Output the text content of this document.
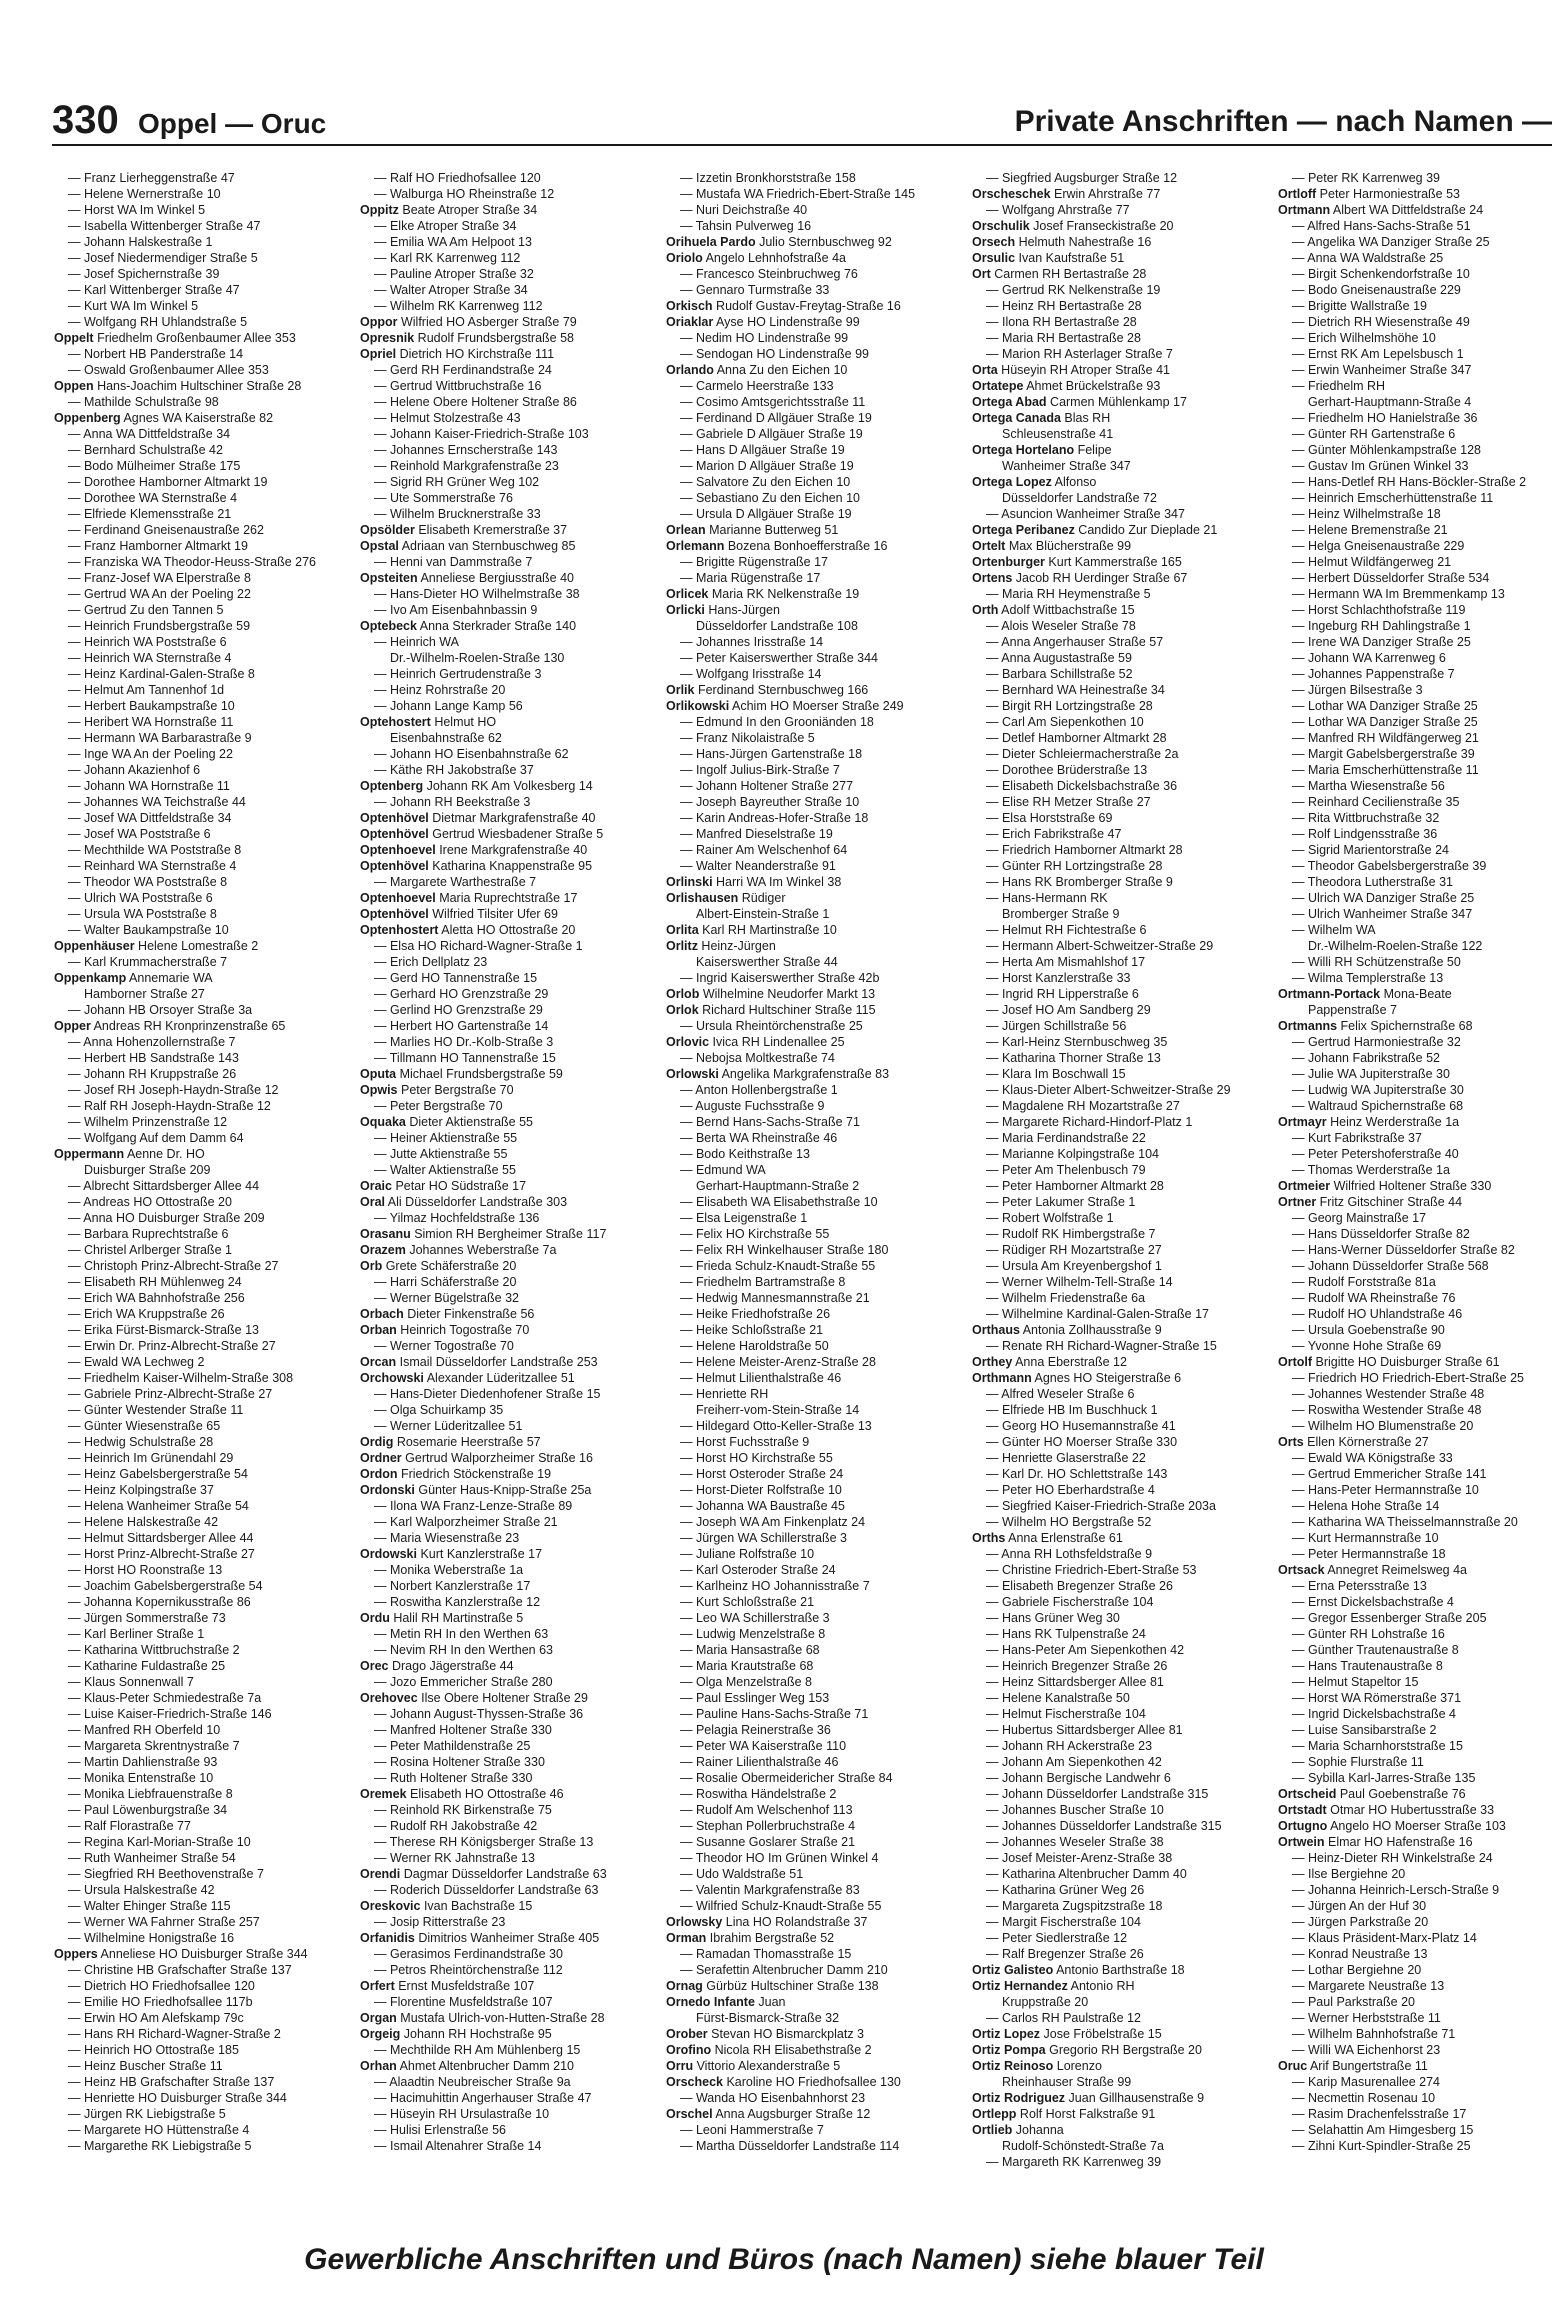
330 Oppel — Oruc	Private Anschriften — nach Namen —
— Franz Lierheggenstraße 47
— Helene Wernerstraße 10
— Horst WA Im Winkel 5
— Isabella Wittenberger Straße 47
— Johann Halskestraße 1
— Josef Niedermendiger Straße 5
— Josef Spichernstraße 39
— Karl Wittenberger Straße 47
— Kurt WA Im Winkel 5
— Wolfgang RH Uhlandstraße 5
Oppelt Friedhelm Großenbaumer Allee 353
— Norbert HB Panderstraße 14
— Oswald Großenbaumer Allee 353
Oppen Hans-Joachim Hultschiner Straße 28
— Mathilde Schulstraße 98
Oppenberg Agnes WA Kaiserstraße 82
— Anna WA Dittfeldstraße 34
— Bernhard Schulstraße 42
— Bodo Mülheimer Straße 175
— Dorothee Hamborner Altmarkt 19
— Dorothee WA Sternstraße 4
— Elfriede Klemensstraße 21
— Ferdinand Gneisenaustraße 262
— Franz Hamborner Altmarkt 19
— Franziska WA Theodor-Heuss-Straße 276
— Franz-Josef WA Elperstraße 8
— Gertrud WA An der Poeling 22
— Gertrud Zu den Tannen 5
— Heinrich Frundsbergstraße 59
— Heinrich WA Poststraße 6
— Heinrich WA Sternstraße 4
— Heinz Kardinal-Galen-Straße 8
— Helmut Am Tannenhof 1d
— Herbert Baukampstraße 10
— Heribert WA Hornstraße 11
— Hermann WA Barbarastraße 9
— Inge WA An der Poeling 22
— Johann Akazienhof 6
— Johann WA Hornstraße 11
— Johannes WA Teichstraße 44
— Josef WA Dittfeldstraße 34
— Josef WA Poststraße 6
— Mechthilde WA Poststraße 8
— Reinhard WA Sternstraße 4
— Theodor WA Poststraße 8
— Ulrich WA Poststraße 6
— Ursula WA Poststraße 8
— Walter Baukampstraße 10
Oppenhäuser Helene Lomestraße 2
— Karl Krummacherstraße 7
Oppenkamp Annemarie WA
Hamborner Straße 27
— Johann HB Orsoyer Straße 3a
Opper Andreas RH Kronprinzenstraße 65
— Anna Hohenzollernstraße 7
— Herbert HB Sandstraße 143
— Johann RH Kruppstraße 26
— Josef RH Joseph-Haydn-Straße 12
— Ralf RH Joseph-Haydn-Straße 12
— Wilhelm Prinzenstraße 12
— Wolfgang Auf dem Damm 64
Oppermann Aenne Dr. HO
Duisburger Straße 209
— Albrecht Sittardsberger Allee 44
— Andreas HO Ottostraße 20
— Anna HO Duisburger Straße 209
— Barbara Ruprechtstraße 6
— Christel Arlberger Straße 1
— Christoph Prinz-Albrecht-Straße 27
— Elisabeth RH Mühlenweg 24
— Erich WA Bahnhofstraße 256
— Erich WA Kruppstraße 26
— Erika Fürst-Bismarck-Straße 13
— Erwin Dr. Prinz-Albrecht-Straße 27
— Ewald WA Lechweg 2
— Friedhelm Kaiser-Wilhelm-Straße 308
— Gabriele Prinz-Albrecht-Straße 27
— Günter Westender Straße 11
— Günter Wiesenstraße 65
— Hedwig Schulstraße 28
— Heinrich Im Grünendahl 29
— Heinz Gabelsbergerstraße 54
— Heinz Kolpingstraße 37
— Helena Wanheimer Straße 54
— Helene Halskestraße 42
— Helmut Sittardsberger Allee 44
— Horst Prinz-Albrecht-Straße 27
— Horst HO Roonstraße 13
— Joachim Gabelsbergerstraße 54
— Johanna Kopernikusstraße 86
— Jürgen Sommerstraße 73
— Karl Berliner Straße 1
— Katharina Wittbruchstraße 2
— Katharine Fuldastraße 25
— Klaus Sonnenwall 7
— Klaus-Peter Schmiedestraße 7a
— Luise Kaiser-Friedrich-Straße 146
— Manfred RH Oberfeld 10
— Margareta Skrentnystraße 7
— Martin Dahlienstraße 93
— Monika Entenstraße 10
— Monika Liebfrauenstraße 8
— Paul Löwenburgstraße 34
— Ralf Florastraße 77
— Regina Karl-Morian-Straße 10
— Ruth Wanheimer Straße 54
— Siegfried RH Beethovenstraße 7
— Ursula Halskestraße 42
— Walter Ehinger Straße 115
— Werner WA Fahrner Straße 257
— Wilhelmine Honigstraße 16
Oppers Anneliese HO Duisburger Straße 344
— Christine HB Grafschafter Straße 137
— Dietrich HO Friedhofsallee 120
— Emilie HO Friedhofsallee 117b
— Erwin HO Am Alefskamp 79c
— Hans RH Richard-Wagner-Straße 2
— Heinrich HO Ottostraße 185
— Heinz Buscher Straße 11
— Heinz HB Grafschafter Straße 137
— Henriette HO Duisburger Straße 344
— Jürgen RK Liebigstraße 5
— Margarete HO Hüttenstraße 4
— Margarethe RK Liebigstraße 5
— Ralf HO Friedhofsallee 120
— Walburga HO Rheinstraße 12
Oppitz Beate Atroper Straße 34
— Elke Atroper Straße 34
— Emilia WA Am Helpoot 13
— Karl RK Karrenweg 112
— Pauline Atroper Straße 32
— Walter Atroper Straße 34
— Wilhelm RK Karrenweg 112
Oppor Wilfried HO Asberger Straße 79
Opresnik Rudolf Frundsbergstraße 58
Opriel Dietrich HO Kirchstraße 111
— Gerd RH Ferdinandstraße 24
— Gertrud Wittbruchstraße 16
— Helene Obere Holtener Straße 86
— Helmut Stolzestraße 43
— Johann Kaiser-Friedrich-Straße 103
— Johannes Ernscherstraße 143
— Reinhold Markgrafenstraße 23
— Sigrid RH Grüner Weg 102
— Ute Sommerstraße 76
— Wilhelm Brucknerstraße 33
Opsölder Elisabeth Kremerstraße 37
Opstal Adriaan van Sternbuschweg 85
— Henni van Dammstraße 7
Opsteiten Anneliese Bergiusstraße 40
— Hans-Dieter HO Wilhelmstraße 38
— Ivo Am Eisenbahnbassin 9
Optebeck Anna Sterkrader Straße 140
— Heinrich WA
Dr.-Wilhelm-Roelen-Straße 130
— Heinrich Gertrudenstraße 3
— Heinz Rohrstraße 20
— Johann Lange Kamp 56
Optehostert Helmut HO
Eisenbahnstraße 62
— Johann HO Eisenbahnstraße 62
— Käthe RH Jakobstraße 37
Optenberg Johann RK Am Volkesberg 14
— Johann RH Beekstraße 3
Optenhövel Dietmar Markgrafenstraße 40
Optenhövel Gertrud Wiesbadener Straße 5
Optenhoevel Irene Markgrafenstraße 40
Optenhövel Katharina Knappenstraße 95
— Margarete Warthestraße 7
Optenhoevel Maria Ruprechtstraße 17
Optenhövel Wilfried Tilsiter Ufer 69
Optenhostert Aletta HO Ottostraße 20
— Elsa HO Richard-Wagner-Straße 1
— Erich Dellplatz 23
— Gerd HO Tannenstraße 15
— Gerhard HO Grenzstraße 29
— Gerlind HO Grenzstraße 29
— Herbert HO Gartenstraße 14
— Marlies HO Dr.-Kolb-Straße 3
— Tillmann HO Tannenstraße 15
Oputa Michael Frundsbergstraße 59
Opwis Peter Bergstraße 70
— Peter Bergstraße 70
Oquaka Dieter Aktienstraße 55
— Heiner Aktienstraße 55
— Jutte Aktienstraße 55
— Walter Aktienstraße 55
Oraic Petar HO Südstraße 17
Oral Ali Düsseldorfer Landstraße 303
— Yilmaz Hochfeldstraße 136
Orasanu Simion RH Bergheimer Straße 117
Orazem Johannes Weberstraße 7a
Orb Grete Schäferstraße 20
— Harri Schäferstraße 20
— Werner Bügelstraße 32
Orbach Dieter Finkenstraße 56
Orban Heinrich Togostraße 70
— Werner Togostraße 70
Orcan Ismail Düsseldorfer Landstraße 253
Orchowski Alexander Lüderitzallee 51
— Hans-Dieter Diedenhofener Straße 15
— Olga Schuirkamp 35
— Werner Lüderitzallee 51
Ordig Rosemarie Heerstraße 57
Ordner Gertrud Walporzheimer Straße 16
Ordon Friedrich Stöckenstraße 19
Ordonski Günter Haus-Knipp-Straße 25a
— Ilona WA Franz-Lenze-Straße 89
— Karl Walporzheimer Straße 21
— Maria Wiesenstraße 23
Ordowski Kurt Kanzlerstraße 17
— Monika Weberstraße 1a
— Norbert Kanzlerstraße 17
— Roswitha Kanzlerstraße 12
Ordu Halil RH Martinstraße 5
— Metin RH In den Werthen 63
— Nevim RH In den Werthen 63
Orec Drago Jägerstraße 44
— Jozo Emmericher Straße 280
Orehovec Ilse Obere Holtener Straße 29
— Johann August-Thyssen-Straße 36
— Manfred Holtener Straße 330
— Peter Mathildenstraße 25
— Rosina Holtener Straße 330
— Ruth Holtener Straße 330
Oremek Elisabeth HO Ottostraße 46
— Reinhold RK Birkenstraße 75
— Rudolf RH Jakobstraße 42
— Therese RH Königsberger Straße 13
— Werner RK Jahnstraße 13
Orendi Dagmar Düsseldorfer Landstraße 63
— Roderich Düsseldorfer Landstraße 63
Oreskovic Ivan Bachstraße 15
— Josip Ritterstraße 23
Orfanidis Dimitrios Wanheimer Straße 405
— Gerasimos Ferdinandstraße 30
— Petros Rheintörchenstraße 112
Orfert Ernst Musfeldstraße 107
— Florentine Musfeldstraße 107
Organ Mustafa Ulrich-von-Hutten-Straße 28
Orgeig Johann RH Hochstraße 95
— Mechthilde RH Am Mühlenberg 15
Orhan Ahmet Altenbrucher Damm 210
— Alaadtin Neubreischer Straße 9a
— Hacimuhittin Angerhauser Straße 47
— Hüseyin RH Ursulastraße 10
— Hulisi Erlenstraße 56
— Ismail Altenahrer Straße 14
— Izzetin Bronkhorststraße 158
— Mustafa WA Friedrich-Ebert-Straße 145
— Nuri Deichstraße 40
— Tahsin Pulverweg 16
Orihuela Pardo Julio Sternbuschweg 92
Oriolo Angelo Lehnhofstraße 4a
— Francesco Steinbruchweg 76
— Gennaro Turmstraße 33
Orkisch Rudolf Gustav-Freytag-Straße 16
Oriaklar Ayse HO Lindenstraße 99
— Nedim HO Lindenstraße 99
— Sendogan HO Lindenstraße 99
Orlando Anna Zu den Eichen 10
— Carmelo Heerstraße 133
— Cosimo Amtsgerichtsstraße 11
— Ferdinand D Allgäuer Straße 19
— Gabriele D Allgäuer Straße 19
— Hans D Allgäuer Straße 19
— Marion D Allgäuer Straße 19
— Salvatore Zu den Eichen 10
— Sebastiano Zu den Eichen 10
— Ursula D Allgäuer Straße 19
Orlean Marianne Butterweg 51
Orlemann Bozena Bonhoefferstraße 16
— Brigitte Rügenstraße 17
— Maria Rügenstraße 17
Orlicek Maria RK Nelkenstraße 19
Orlicki Hans-Jürgen
Düsseldorfer Landstraße 108
— Johannes Irisstraße 14
— Peter Kaiserswerther Straße 344
— Wolfgang Irisstraße 14
Orlik Ferdinand Sternbuschweg 166
Orlikowski Achim HO Moerser Straße 249
— Edmund In den Grooniänden 18
— Franz Nikolaistraße 5
— Hans-Jürgen Gartenstraße 18
— Ingolf Julius-Birk-Straße 7
— Johann Holtener Straße 277
— Joseph Bayreuther Straße 10
— Karin Andreas-Hofer-Straße 18
— Manfred Dieselstraße 19
— Rainer Am Welschenhof 64
— Walter Neanderstraße 91
Orlinski Harri WA Im Winkel 38
Orlishausen Rüdiger
Albert-Einstein-Straße 1
Orlita Karl RH Martinstraße 10
Orlitz Heinz-Jürgen
Kaiserswerther Straße 44
— Ingrid Kaiserswerther Straße 42b
Orlob Wilhelmine Neudorfer Markt 13
Orlok Richard Hultschiner Straße 115
— Ursula Rheintörchenstraße 25
Orlovic Ivica RH Lindenallee 25
— Nebojsa Moltkestraße 74
Orlowski Angelika Markgrafenstraße 83
— Anton Hollenbergstraße 1
— Auguste Fuchsstraße 9
— Bernd Hans-Sachs-Straße 71
— Berta WA Rheinstraße 46
— Bodo Keithstraße 13
— Edmund WA
Gerhart-Hauptmann-Straße 2
— Elisabeth WA Elisabethstraße 10
— Elsa Leigenstraße 1
— Felix HO Kirchstraße 55
— Felix RH Winkelhauser Straße 180
— Frieda Schulz-Knaudt-Straße 55
— Friedhelm Bartramstraße 8
— Hedwig Mannesmannstraße 21
— Heike Friedhofstraße 26
— Heike Schloßstraße 21
— Helene Haroldstraße 50
— Helene Meister-Arenz-Straße 28
— Helmut Lilienthalstraße 46
— Henriette RH
Freiherr-vom-Stein-Straße 14
— Hildegard Otto-Keller-Straße 13
— Horst Fuchsstraße 9
— Horst HO Kirchstraße 55
— Horst Osteroder Straße 24
— Horst-Dieter Rolfstraße 10
— Johanna WA Baustraße 45
— Joseph WA Am Finkenplatz 24
— Jürgen WA Schillerstraße 3
— Juliane Rolfstraße 10
— Karl Osteroder Straße 24
— Karlheinz HO Johannisstraße 7
— Kurt Schloßstraße 21
— Leo WA Schillerstraße 3
— Ludwig Menzelstraße 8
— Maria Hansastraße 68
— Maria Krautstraße 68
— Olga Menzelstraße 8
— Paul Esslinger Weg 153
— Pauline Hans-Sachs-Straße 71
— Pelagia Reinerstraße 36
— Peter WA Kaiserstraße 110
— Rainer Lilienthalstraße 46
— Rosalie Obermeidericher Straße 84
— Roswitha Händelstraße 2
— Rudolf Am Welschenhof 113
— Stephan Pollerbruchstraße 4
— Susanne Goslarer Straße 21
— Theodor HO Im Grünen Winkel 4
— Udo Waldstraße 51
— Valentin Markgrafenstraße 83
— Wilfried Schulz-Knaudt-Straße 55
Orlowsky Lina HO Rolandstraße 37
Orman Ibrahim Bergstraße 52
— Ramadan Thomasstraße 15
— Serafettin Altenbrucher Damm 210
Ornag Gürbüz Hultschiner Straße 138
Ornedo Infante Juan
Fürst-Bismarck-Straße 32
Orober Stevan HO Bismarckplatz 3
Orofino Nicola RH Elisabethstraße 2
Orru Vittorio Alexanderstraße 5
Orscheck Karoline HO Friedhofsallee 130
— Wanda HO Eisenbahnhorst 23
Orschel Anna Augsburger Straße 12
— Leoni Hammerstraße 7
— Martha Düsseldorfer Landstraße 114
— Siegfried Augsburger Straße 12
Orscheschek Erwin Ahrstraße 77
— Wolfgang Ahrstraße 77
Orschulik Josef Franseckistraße 20
Orsech Helmuth Nahestraße 16
Orsulic Ivan Kaufstraße 51
Ort Carmen RH Bertastraße 28
— Gertrud RK Nelkenstraße 19
— Heinz RH Bertastraße 28
— Ilona RH Bertastraße 28
— Maria RH Bertastraße 28
— Marion RH Asterlager Straße 7
Orta Hüseyin RH Atroper Straße 41
Ortatepe Ahmet Brückelstraße 93
Ortega Abad Carmen Mühlenkamp 17
Ortega Canada Blas RH
Schleusenstraße 41
Ortega Hortelano Felipe
Wanheimer Straße 347
Ortega Lopez Alfonso
Düsseldorfer Landstraße 72
— Asuncion Wanheimer Straße 347
Ortega Peribanez Candido Zur Dieplade 21
Ortelt Max Blücherstraße 99
Ortenburger Kurt Kammerstraße 165
Ortens Jacob RH Uerdinger Straße 67
— Maria RH Heymenstraße 5
Orth Adolf Wittbachstraße 15
— Alois Weseler Straße 78
— Anna Angerhauser Straße 57
— Anna Augustastraße 59
— Barbara Schillstraße 52
— Bernhard WA Heinestraße 34
— Birgit RH Lortzingstraße 28
— Carl Am Siepenkothen 10
— Detlef Hamborner Altmarkt 28
— Dieter Schleiermacherstraße 2a
— Dorothee Brüderstraße 13
— Elisabeth Dickelsbachstraße 36
— Elise RH Metzer Straße 27
— Elsa Horststraße 69
— Erich Fabrikstraße 47
— Friedrich Hamborner Altmarkt 28
— Günter RH Lortzingstraße 28
— Hans RK Bromberger Straße 9
— Hans-Hermann RK
Bromberger Straße 9
— Helmut RH Fichtestraße 6
— Hermann Albert-Schweitzer-Straße 29
— Herta Am Mismahlshof 17
— Horst Kanzlerstraße 33
— Ingrid RH Lipperstraße 6
— Josef HO Am Sandberg 29
— Jürgen Schillstraße 56
— Karl-Heinz Sternbuschweg 35
— Katharina Thorner Straße 13
— Klara Im Boschwall 15
— Klaus-Dieter Albert-Schweitzer-Straße 29
— Magdalene RH Mozartstraße 27
— Margarete Richard-Hindorf-Platz 1
— Maria Ferdinandstraße 22
— Marianne Kolpingstraße 104
— Peter Am Thelenbusch 79
— Peter Hamborner Altmarkt 28
— Peter Lakumer Straße 1
— Robert Wolfstraße 1
— Rudolf RK Himbergstraße 7
— Rüdiger RH Mozartstraße 27
— Ursula Am Kreyenbergshof 1
— Werner Wilhelm-Tell-Straße 14
— Wilhelm Friedenstraße 6a
— Wilhelmine Kardinal-Galen-Straße 17
Orthaus Antonia Zollhausstraße 9
— Renate RH Richard-Wagner-Straße 15
Orthey Anna Eberstraße 12
Orthmann Agnes HO Steigerstraße 6
— Alfred Weseler Straße 6
— Elfriede HB Im Buschhuck 1
— Georg HO Husemannstraße 41
— Günter HO Moerser Straße 330
— Henriette Glaserstraße 22
— Karl Dr. HO Schlettstraße 143
— Peter HO Eberhardstraße 4
— Siegfried Kaiser-Friedrich-Straße 203a
— Wilhelm HO Bergstraße 52
Orths Anna Erlenstraße 61
— Anna RH Lothsfeldstraße 9
— Christine Friedrich-Ebert-Straße 53
— Elisabeth Bregenzer Straße 26
— Gabriele Fischerstraße 104
— Hans Grüner Weg 30
— Hans RK Tulpenstraße 24
— Hans-Peter Am Siepenkothen 42
— Heinrich Bregenzer Straße 26
— Heinz Sittardsberger Allee 81
— Helene Kanalstraße 50
— Helmut Fischerstraße 104
— Hubertus Sittardsberger Allee 81
— Johann RH Ackerstraße 23
— Johann Am Siepenkothen 42
— Johann Bergische Landwehr 6
— Johann Düsseldorfer Landstraße 315
— Johannes Buscher Straße 10
— Johannes Düsseldorfer Landstraße 315
— Johannes Weseler Straße 38
— Josef Meister-Arenz-Straße 38
— Katharina Altenbrucher Damm 40
— Katharina Grüner Weg 26
— Margareta Zugspitzstraße 18
— Margit Fischerstraße 104
— Peter Siedlerstraße 12
— Ralf Bregenzer Straße 26
Ortiz Galisteo Antonio Barthstraße 18
Ortiz Hernandez Antonio RH
Kruppstraße 20
— Carlos RH Paulstraße 12
Ortiz Lopez Jose Fröbelstraße 15
Ortiz Pompa Gregorio RH Bergstraße 20
Ortiz Reinoso Lorenzo
Rheinhauser Straße 99
Ortiz Rodriguez Juan Gillhausenstraße 9
Ortlepp Rolf Horst Falkstraße 91
Ortlieb Johanna
Rudolf-Schönstedt-Straße 7a
— Margareth RK Karrenweg 39
— Peter RK Karrenweg 39
Ortloff Peter Harmoniestraße 53
Ortmann Albert WA Dittfeldstraße 24
— Alfred Hans-Sachs-Straße 51
— Angelika WA Danziger Straße 25
— Anna WA Waldstraße 25
— Birgit Schenkendorfstraße 10
— Bodo Gneisenaustraße 229
— Brigitte Wallstraße 19
— Dietrich RH Wiesenstraße 49
— Erich Wilhelmshöhe 10
— Ernst RK Am Lepelsbusch 1
— Erwin Wanheimer Straße 347
— Friedhelm RH
Gerhart-Hauptmann-Straße 4
— Friedhelm HO Hanielstraße 36
— Günter RH Gartenstraße 6
— Günter Möhlenkampstraße 128
— Gustav Im Grünen Winkel 33
— Hans-Detlef RH Hans-Böckler-Straße 2
— Heinrich Emscherhüttenstraße 11
— Heinz Wilhelmstraße 18
— Helene Bremenstraße 21
— Helga Gneisenaustraße 229
— Helmut Wildfängerweg 21
— Herbert Düsseldorfer Straße 534
— Hermann WA Im Bremmenkamp 13
— Horst Schlachthofstraße 119
— Ingeburg RH Dahlingstraße 1
— Irene WA Danziger Straße 25
— Johann WA Karrenweg 6
— Johannes Pappenstraße 7
— Jürgen Bilsestraße 3
— Lothar WA Danziger Straße 25
— Lothar WA Danziger Straße 25
— Manfred RH Wildfängerweg 21
— Margit Gabelsbergerstraße 39
— Maria Emscherhüttenstraße 11
— Martha Wiesenstraße 56
— Reinhard Cecilienstraße 35
— Rita Wittbruchstraße 32
— Rolf Lindgensstraße 36
— Sigrid Marientorstraße 24
— Theodor Gabelsbergerstraße 39
— Theodora Lutherstraße 31
— Ulrich WA Danziger Straße 25
— Ulrich Wanheimer Straße 347
— Wilhelm WA
Dr.-Wilhelm-Roelen-Straße 122
— Willi RH Schützenstraße 50
— Wilma Templerstraße 13
Ortmann-Portack Mona-Beate
Pappenstraße 7
Ortmanns Felix Spichernstraße 68
— Gertrud Harmoniestraße 32
— Johann Fabrikstraße 52
— Julie WA Jupiterstraße 30
— Ludwig WA Jupiterstraße 30
— Waltraud Spichernstraße 68
Ortmayr Heinz Werderstraße 1a
— Kurt Fabrikstraße 37
— Peter Petershoferstraße 40
— Thomas Werderstraße 1a
Ortmeier Wilfried Holtener Straße 330
Ortner Fritz Gitschiner Straße 44
— Georg Mainstraße 17
— Hans Düsseldorfer Straße 82
— Hans-Werner Düsseldorfer Straße 82
— Johann Düsseldorfer Straße 568
— Rudolf Forststraße 81a
— Rudolf WA Rheinstraße 76
— Rudolf HO Uhlandstraße 46
— Ursula Goebenstraße 90
— Yvonne Hohe Straße 69
Ortolf Brigitte HO Duisburger Straße 61
— Friedrich HO Friedrich-Ebert-Straße 25
— Johannes Westender Straße 48
— Roswitha Westender Straße 48
— Wilhelm HO Blumenstraße 20
Orts Ellen Körnerstraße 27
— Ewald WA Königstraße 33
— Gertrud Emmericher Straße 141
— Hans-Peter Hermannstraße 10
— Helena Hohe Straße 14
— Katharina WA Theisselmannstraße 20
— Kurt Hermannstraße 10
— Peter Hermannstraße 18
Ortsack Annegret Reimelsweg 4a
— Erna Petersstraße 13
— Ernst Dickelsbachstraße 4
— Gregor Essenberger Straße 205
— Günter RH Lohstraße 16
— Günther Trautenaustraße 8
— Hans Trautenaustraße 8
— Helmut Stapeltor 15
— Horst WA Römerstraße 371
— Ingrid Dickelsbachstraße 4
— Luise Sansibarstraße 2
— Maria Scharnhorststraße 15
— Sophie Flurstraße 11
— Sybilla Karl-Jarres-Straße 135
Ortscheid Paul Goebenstraße 76
Ortstadt Otmar HO Hubertusstraße 33
Ortugno Angelo HO Moerser Straße 103
Ortwein Elmar HO Hafenstraße 16
— Heinz-Dieter RH Winkelstraße 24
— Ilse Bergiehne 20
— Johanna Heinrich-Lersch-Straße 9
— Jürgen An der Huf 30
— Jürgen Parkstraße 20
— Klaus Präsident-Marx-Platz 14
— Konrad Neustraße 13
— Lothar Bergiehne 20
— Margarete Neustraße 13
— Paul Parkstraße 20
— Werner Herbststraße 11
— Wilhelm Bahnhofstraße 71
— Willi WA Eichenhorst 23
Oruc Arif Bungertstraße 11
— Karip Masurenallee 274
— Necmettin Rosenau 10
— Rasim Drachenfelsstraße 17
— Selahattin Am Himgesberg 15
— Zihni Kurt-Spindler-Straße 25
Gewerbliche Anschriften und Büros (nach Namen) siehe blauer Teil
